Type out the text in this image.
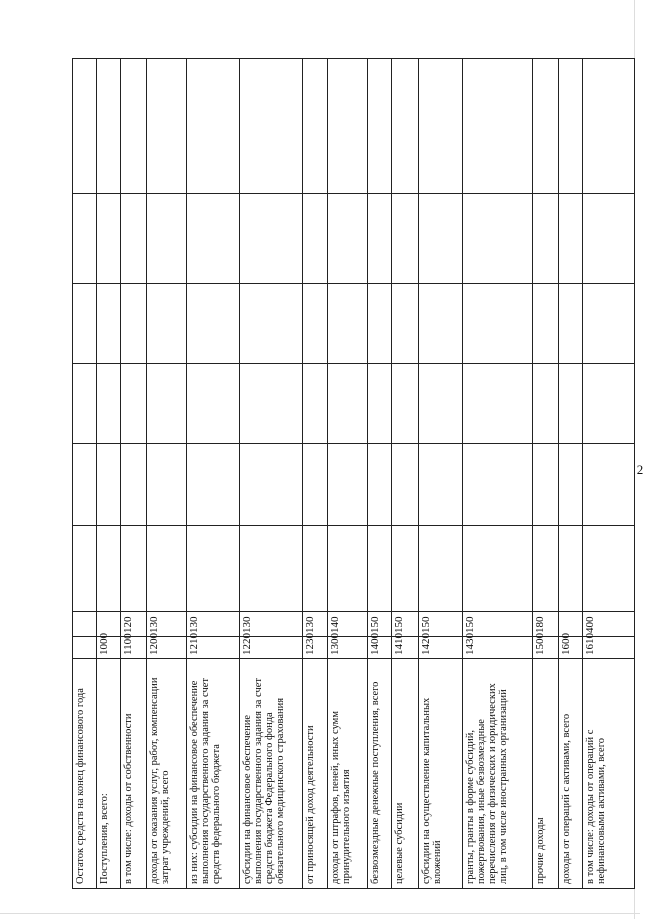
2
Остаток средств на конец финансового года								
Поступления, всего:	1000							
в том числе: доходы от собственности	1100	120						
доходы от оказания услуг, работ, компенсации затрат учреждений, всего	1200	130						
из них: субсидии на финансовое обеспечение выполнения государственного задания за счет средств федерального бюджета	1210	130						
субсидии на финансовое обеспечение выполнения государственного задания за счет средств бюджета Федерального фонда обязательного медицинского страхования	1220	130						
от приносящей доход деятельности	1230	130						
доходы от штрафов, пеней, иных сумм принудительного изъятия	1300	140						
безвозмездные денежные поступления, всего	1400	150						
целевые субсидии	1410	150						
субсидии на осуществление капитальных вложений	1420	150						
гранты, гранты в форме субсидий, пожертвования, иные безвозмездные перечисления от физических и юридических лиц, в том числе иностранных организаций	1430	150						
прочие доходы	1500	180						
доходы от операций с активами, всего	1600							
в том числе: доходы от операций с нефинансовыми активами, всего	1610	400						
